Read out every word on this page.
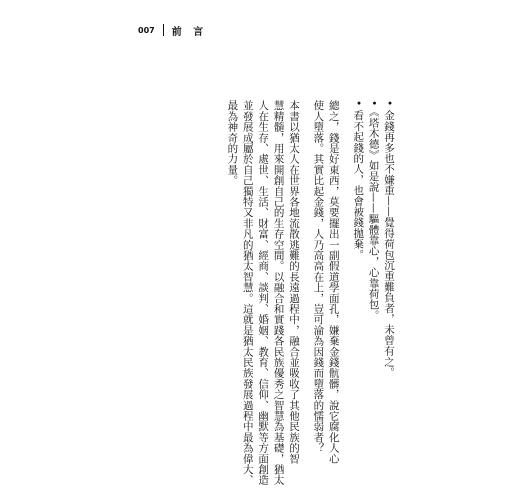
007 前 言
• 金錢再多也不嫌重——覺得荷包沉重難負者，未曾有之。
•《塔木德》如是說——驅體靠心，心靠荷包。
• 看不起錢的人，也會被錢拋棄。
總之，錢是好東西，莫要擺出一副假道學面孔，嫌棄金錢骯髒，說它腐化人心
使人墮落。其實比起金錢，人乃高高在上，豈可淪為因錢而墮落的懦弱者？
本書以猶太人在世界各地流散逃難的長遠過程中，融合並吸收了其他民族的智
慧精髓，用來開創自己的生存空間。以融合和實踐各民族優秀之智慧為基礎，猶太
人在生存、處世、生活、財富、經商、談判、婚姻、教育、信仰、幽默等方面創造
並發展成屬於自己獨特又非凡的猶太智慧。這就是猶太民族發展過程中最為偉大、
最為神奇的力量。
